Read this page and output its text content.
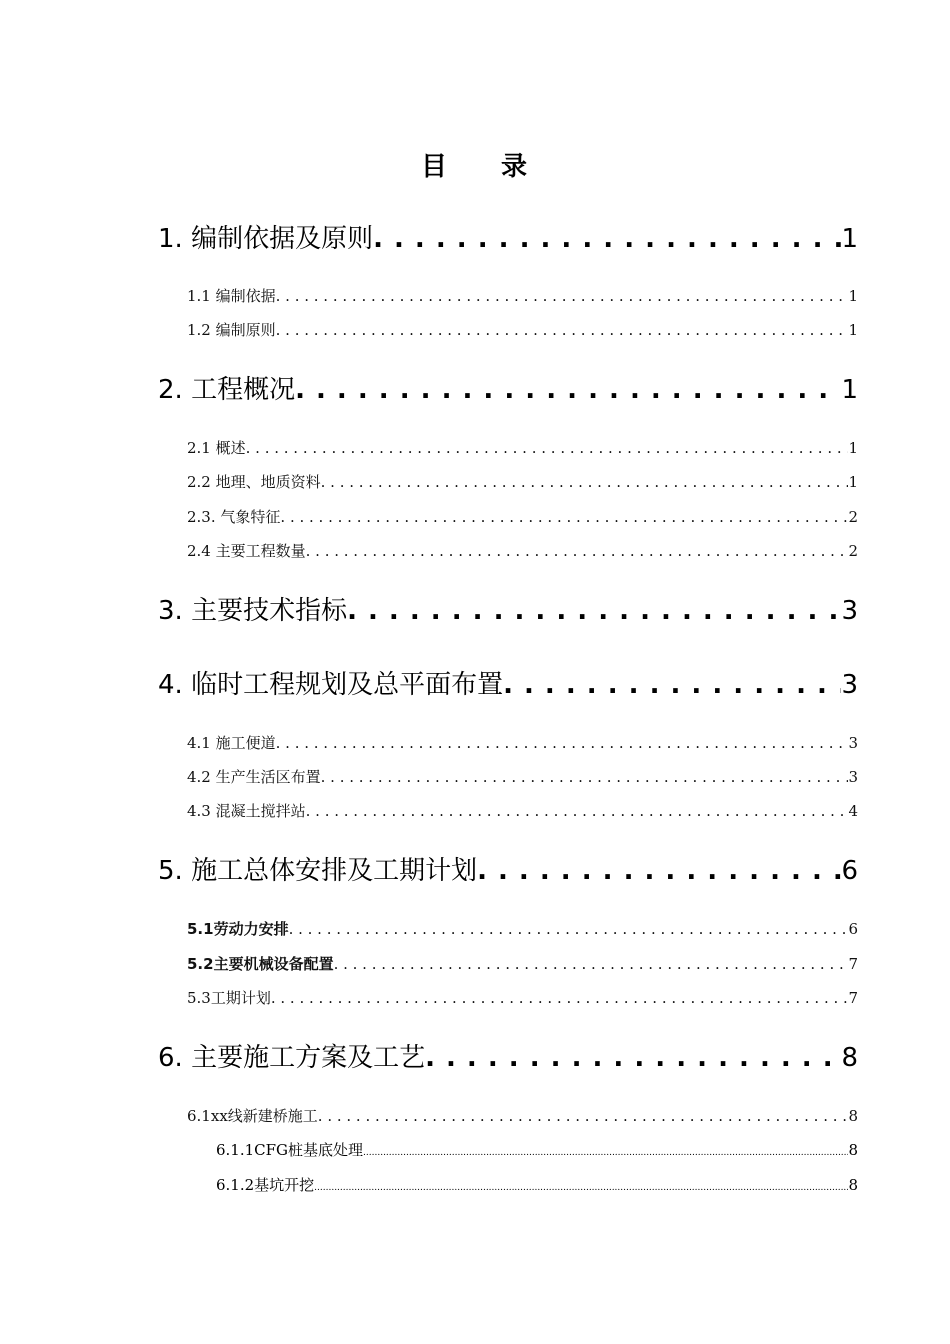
目 录
1. 编制依据及原则 . . .	1
1.1 编制依据 . . .	1
1.2 编制原则 . . .	1
2. 工程概况 . . .	1
2.1 概述 . . .	1
2.2 地理、地质资料 . . .	1
2.3. 气象特征 . . .	2
2.4 主要工程数量 . . .	2
3. 主要技术指标 . . .	3
4. 临时工程规划及总平面布置 . . .	3
4.1 施工便道 . . .	3
4.2 生产生活区布置 . . .	3
4.3 混凝土搅拌站 . . .	4
5. 施工总体安排及工期计划 . . .	6
5.1劳动力安排 . . .	6
5.2主要机械设备配置 . . .	7
5.3工期计划 . . .	7
6. 主要施工方案及工艺 . . .	8
6.1xx线新建桥施工 . . .	8
6.1.1CFG桩基底处理 .....	8
6.1.2基坑开挖 .....	8
